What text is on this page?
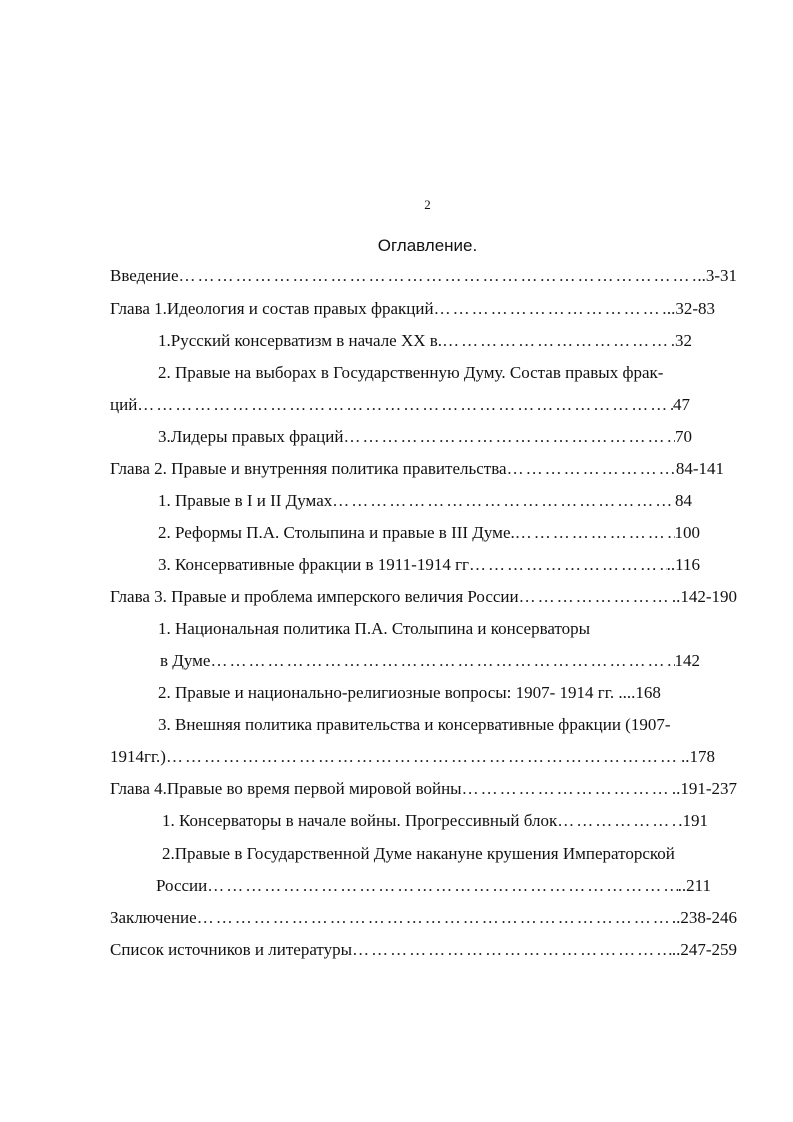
2
Оглавление.
Введение ……………………………………………………………………………………………………………………………………………………	..3-31
Глава 1.Идеология и состав правых фракций ……………………………………………………………………………………………………………………………………………………	..32-83
1.Русский консерватизм в начале XX в. ……………………………………………………………………………………………………………………………………………………	32
2. Правые на выборах в Государственную Думу. Состав правых фрак-
ций ……………………………………………………………………………………………………………………………………………………	47
3.Лидеры правых фраций ……………………………………………………………………………………………………………………………………………………	70
Глава 2. Правые и внутренняя политика правительства ……………………………………………………………………………………………………………………………………………………	84-141
1. Правые в I и II Думах ……………………………………………………………………………………………………………………………………………………	84
2. Реформы П.А. Столыпина и правые в III Думе. ……………………………………………………………………………………………………………………………………………………	100
3. Консервативные фракции в 1911-1914 гг ……………………………………………………………………………………………………………………………………………………	..116
Глава 3. Правые и проблема имперского величия России ……………………………………………………………………………………………………………………………………………………	..142-190
1. Национальная политика П.А. Столыпина и консерваторы
в Думе ……………………………………………………………………………………………………………………………………………………	142
2. Правые и национально-религиозные вопросы: 1907- 1914 гг. ....168
3. Внешняя политика правительства и консервативные фракции (1907-
1914гг.) ……………………………………………………………………………………………………………………………………………………	..178
Глава 4.Правые во время первой мировой войны ……………………………………………………………………………………………………………………………………………………	..191-237
1. Консерваторы в начале войны. Прогрессивный блок ……………………………………………………………………………………………………………………………………………………	.191
2.Правые в Государственной Думе накануне крушения Императорской
России ……………………………………………………………………………………………………………………………………………………	..211
Заключение ……………………………………………………………………………………………………………………………………………………	..238-246
Список источников и литературы ……………………………………………………………………………………………………………………………………………………	..247-259
